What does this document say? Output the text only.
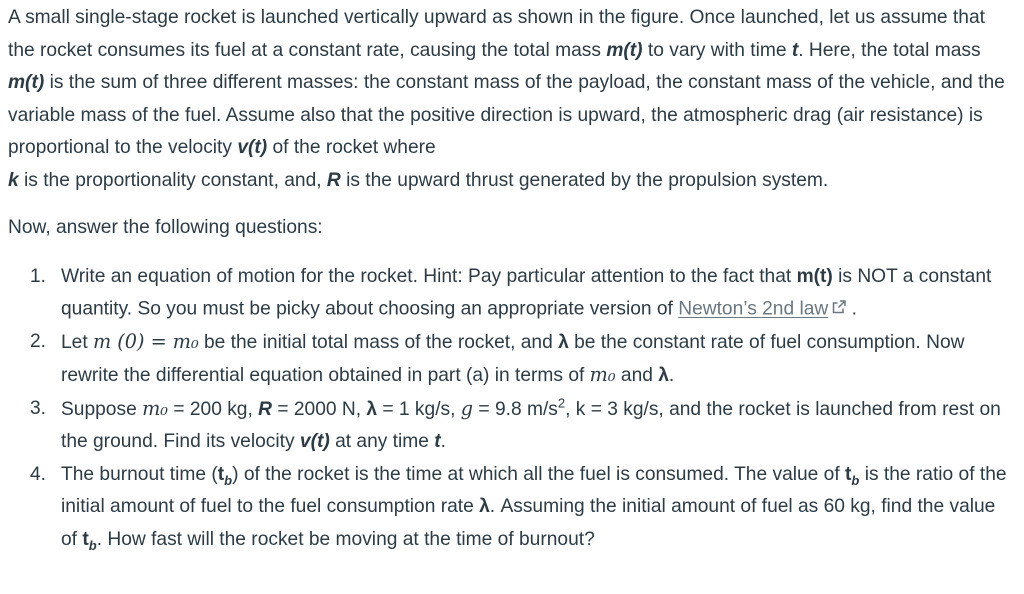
A small single-stage rocket is launched vertically upward as shown in the figure. Once launched, let us assume that the rocket consumes its fuel at a constant rate, causing the total mass m(t) to vary with time t. Here, the total mass m(t) is the sum of three different masses: the constant mass of the payload, the constant mass of the vehicle, and the variable mass of the fuel. Assume also that the positive direction is upward, the atmospheric drag (air resistance) is proportional to the velocity v(t) of the rocket where
k is the proportionality constant, and, R is the upward thrust generated by the propulsion system.

Now, answer the following questions:

1. Write an equation of motion for the rocket. Hint: Pay particular attention to the fact that m(t) is NOT a constant quantity. So you must be picky about choosing an appropriate version of Newton’s 2nd law .
2. Let m (0) = m₀ be the initial total mass of the rocket, and λ be the constant rate of fuel consumption. Now rewrite the differential equation obtained in part (a) in terms of m₀ and λ.
3. Suppose m₀ = 200 kg, R = 2000 N, λ = 1 kg/s, g = 9.8 $m/s^2$, k = 3 kg/s, and the rocket is launched from rest on the ground. Find its velocity v(t) at any time t.
4. The burnout time $(t_b)$ of the rocket is the time at which all the fuel is consumed. The value of $t_b$ is the ratio of the initial amount of fuel to the fuel consumption rate λ. Assuming the initial amount of fuel as 60 kg, find the value of $t_b$. How fast will the rocket be moving at the time of burnout?
